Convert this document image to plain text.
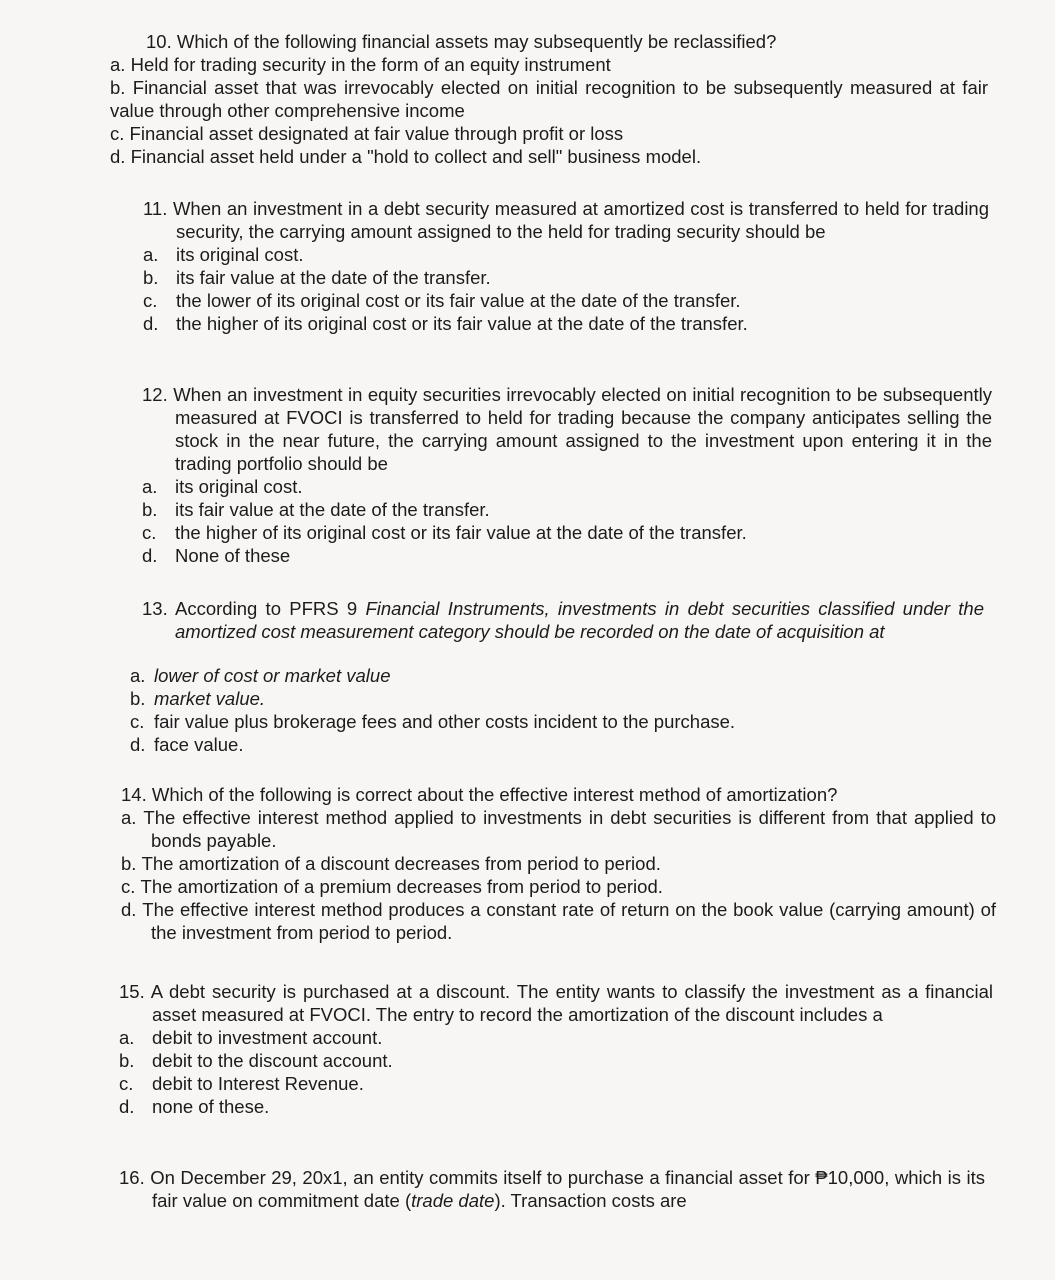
10. Which of the following financial assets may subsequently be reclassified?
a. Held for trading security in the form of an equity instrument
b. Financial asset that was irrevocably elected on initial recognition to be subsequently measured at fair value through other comprehensive income
c. Financial asset designated at fair value through profit or loss
d. Financial asset held under a "hold to collect and sell" business model.
11. When an investment in a debt security measured at amortized cost is transferred to held for trading security, the carrying amount assigned to the held for trading security should be
a. its original cost.
b. its fair value at the date of the transfer.
c.	the lower of its original cost or its fair value at the date of the transfer.
d. the higher of its original cost or its fair value at the date of the transfer.
12. When an investment in equity securities irrevocably elected on initial recognition to be subsequently measured at FVOCI is transferred to held for trading because the company anticipates selling the stock in the near future, the carrying amount assigned to the investment upon entering it in the trading portfolio should be
a. its original cost.
b. its fair value at the date of the transfer.
c.	the higher of its original cost or its fair value at the date of the transfer.
d. None of these
13. According to PFRS 9 Financial Instruments, investments in debt securities classified under the amortized cost measurement category should be recorded on the date of acquisition at
a. lower of cost or market value
b. market value.
c. fair value plus brokerage fees and other costs incident to the purchase.
d. face value.
14. Which of the following is correct about the effective interest method of amortization?
a. The effective interest method applied to investments in debt securities is different from that applied to bonds payable.
b. The amortization of a discount decreases from period to period.
c. The amortization of a premium decreases from period to period.
d. The effective interest method produces a constant rate of return on the book value (carrying amount) of the investment from period to period.
15. A debt security is purchased at a discount. The entity wants to classify the investment as a financial asset measured at FVOCI. The entry to record the amortization of the discount includes a
a. debit to investment account.
b. debit to the discount account.
c.	debit to Interest Revenue.
d. none of these.
16. On December 29, 20x1, an entity commits itself to purchase a financial asset for ₱10,000, which is its fair value on commitment date (trade date). Transaction costs are
